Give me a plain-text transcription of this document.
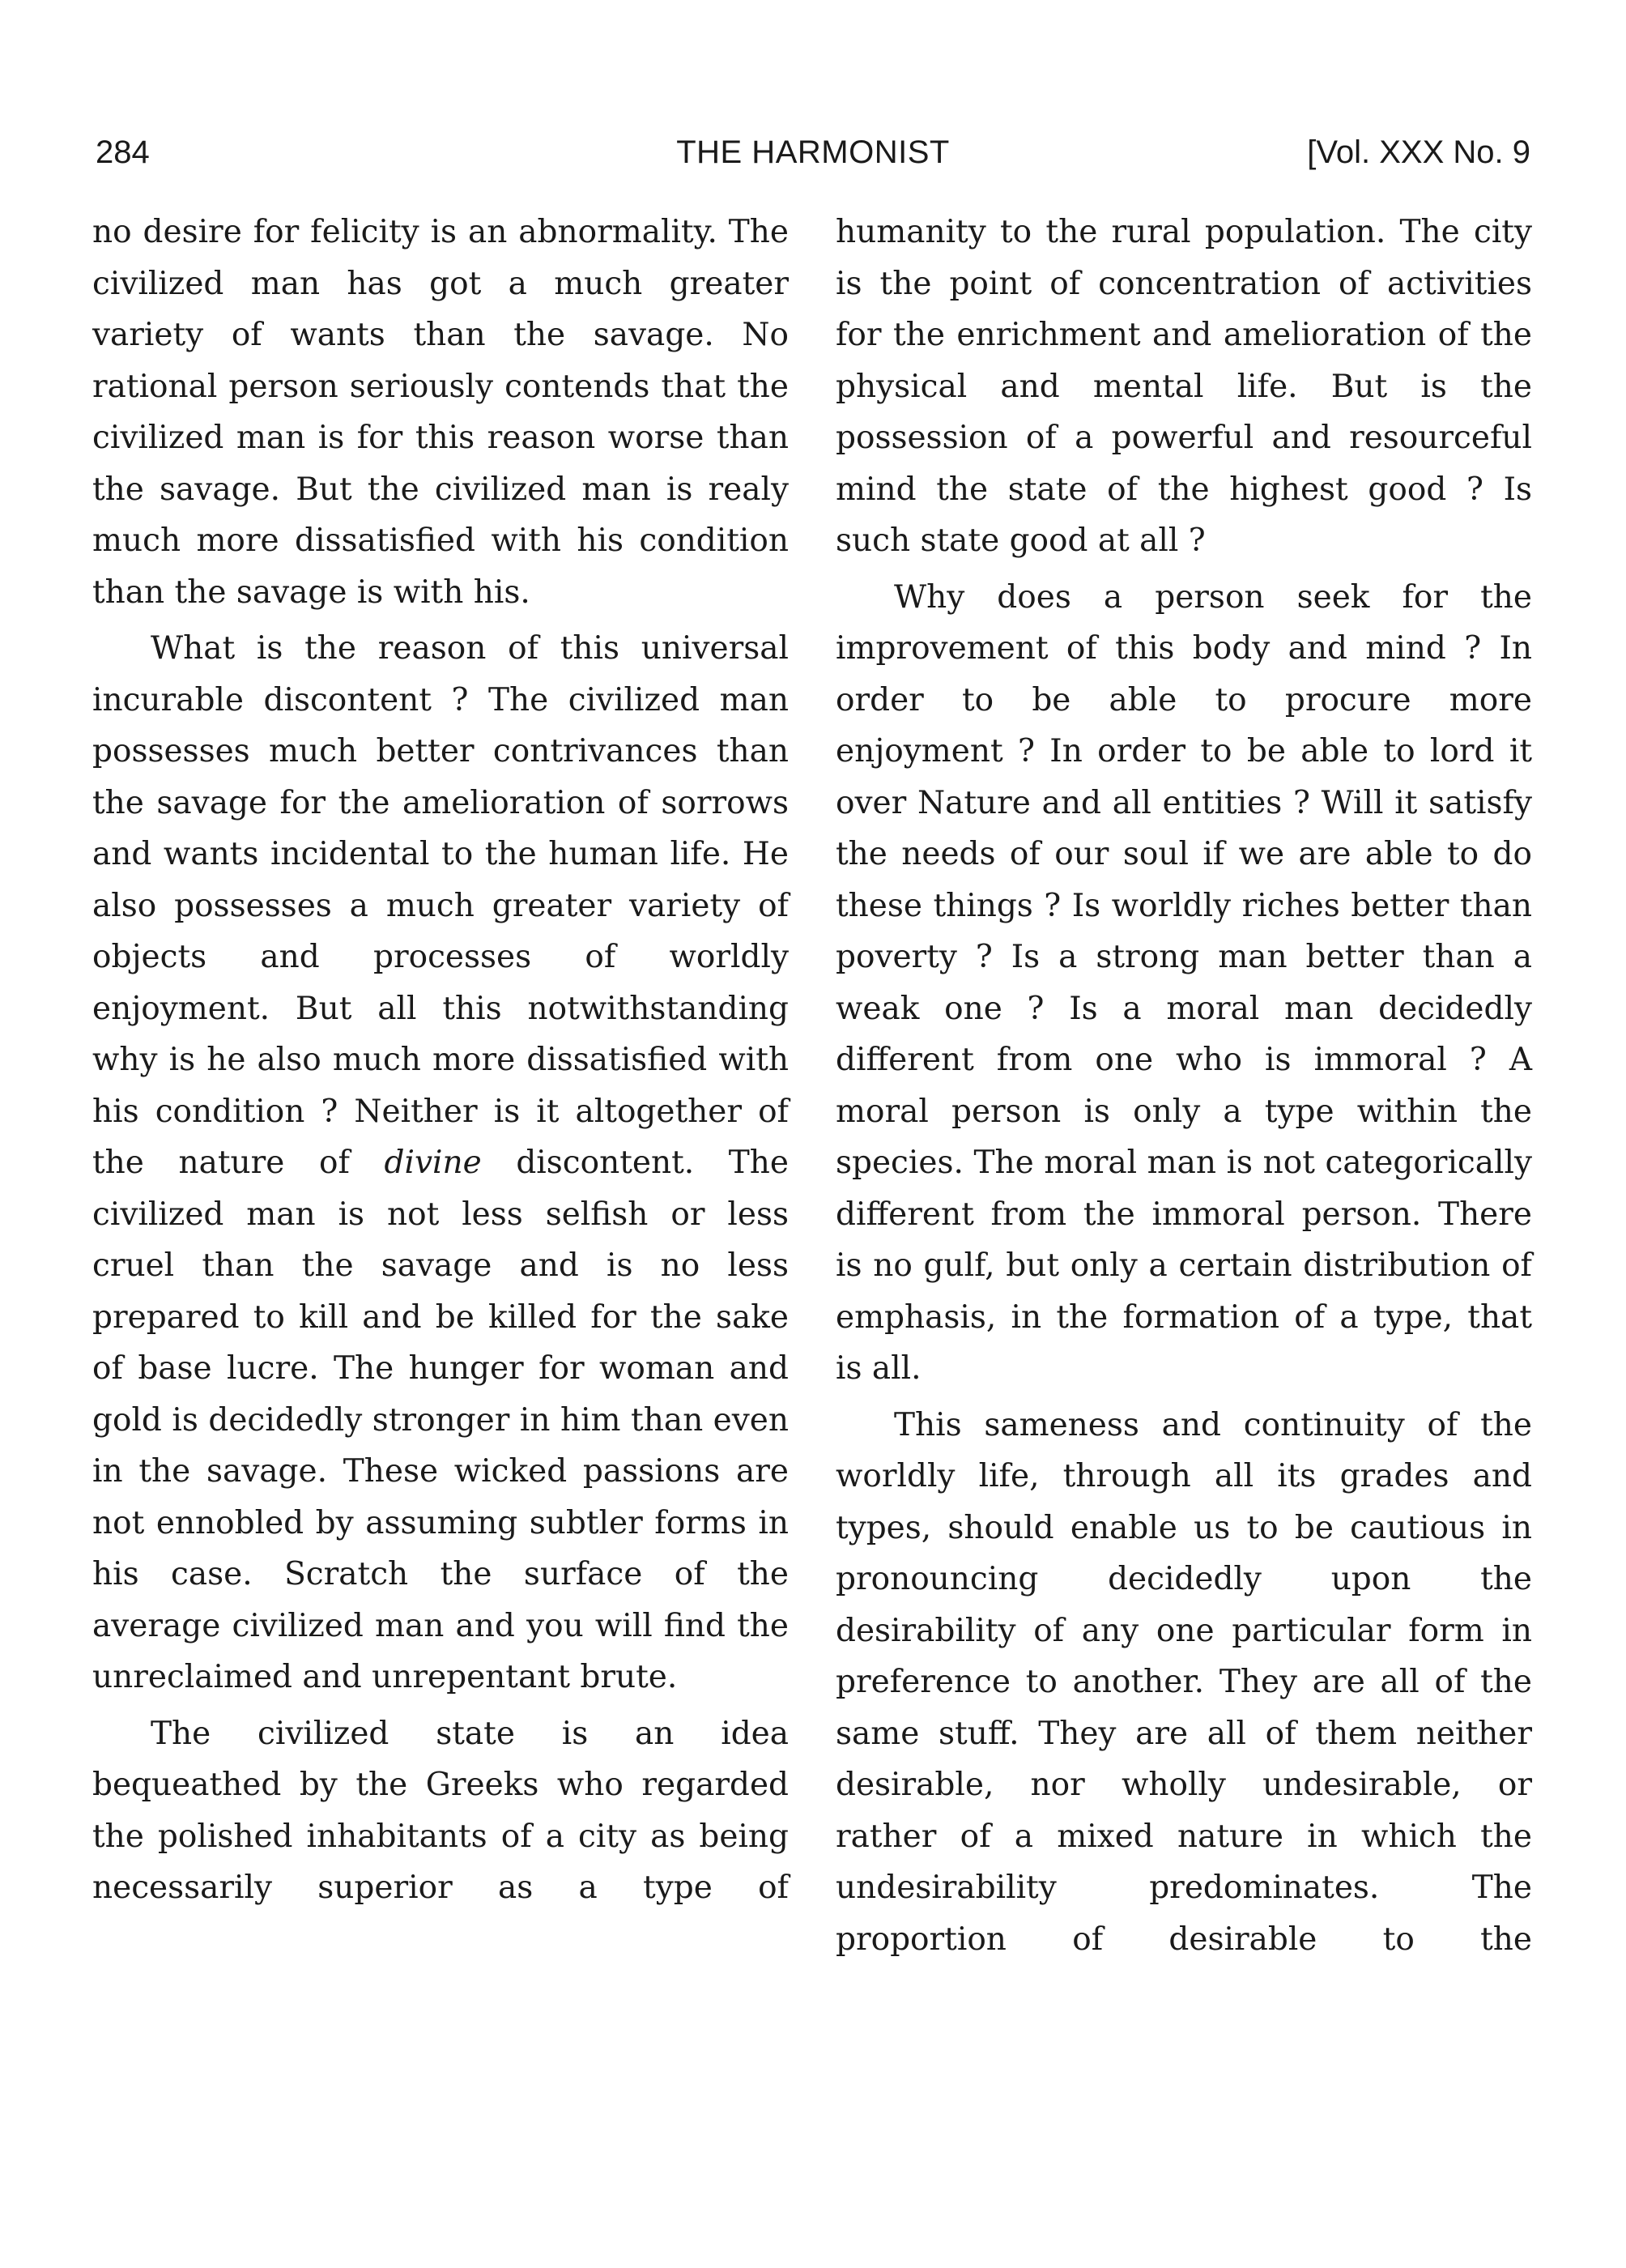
284	THE HARMONIST	[Vol. XXX No. 9

no desire for felicity is an abnormality. The civilized man has got a much greater variety of wants than the savage. No rational person seriously contends that the civilized man is for this reason worse than the savage. But the civilized man is realy much more dissatisfied with his condition than the savage is with his.

What is the reason of this universal incurable discontent ? The civilized man possesses much better contrivances than the savage for the amelioration of sorrows and wants incidental to the human life. He also possesses a much greater variety of objects and processes of worldly enjoyment. But all this notwithstanding why is he also much more dissatisfied with his condition ? Neither is it altogether of the nature of divine discontent. The civilized man is not less selfish or less cruel than the savage and is no less prepared to kill and be killed for the sake of base lucre. The hunger for woman and gold is decidedly stronger in him than even in the savage. These wicked passions are not ennobled by assuming subtler forms in his case. Scratch the surface of the average civilized man and you will find the unreclaimed and unrepentant brute.

The civilized state is an idea bequeathed by the Greeks who regarded the polished inhabitants of a city as being necessarily superior as a type of

humanity to the rural population. The city is the point of concentration of activities for the enrichment and amelioration of the physical and mental life. But is the possession of a powerful and resourceful mind the state of the highest good ? Is such state good at all ?

Why does a person seek for the improvement of this body and mind ? In order to be able to procure more enjoyment ? In order to be able to lord it over Nature and all entities ? Will it satisfy the needs of our soul if we are able to do these things ? Is worldly riches better than poverty ? Is a strong man better than a weak one ? Is a moral man decidedly different from one who is immoral ? A moral person is only a type within the species. The moral man is not categorically different from the immoral person. There is no gulf, but only a certain distribution of emphasis, in the formation of a type, that is all.

This sameness and continuity of the worldly life, through all its grades and types, should enable us to be cautious in pronouncing decidedly upon the desirability of any one particular form in preference to another. They are all of the same stuff. They are all of them neither desirable, nor wholly undesirable, or rather of a mixed nature in which the undesirability predominates. The proportion of desirable to the
